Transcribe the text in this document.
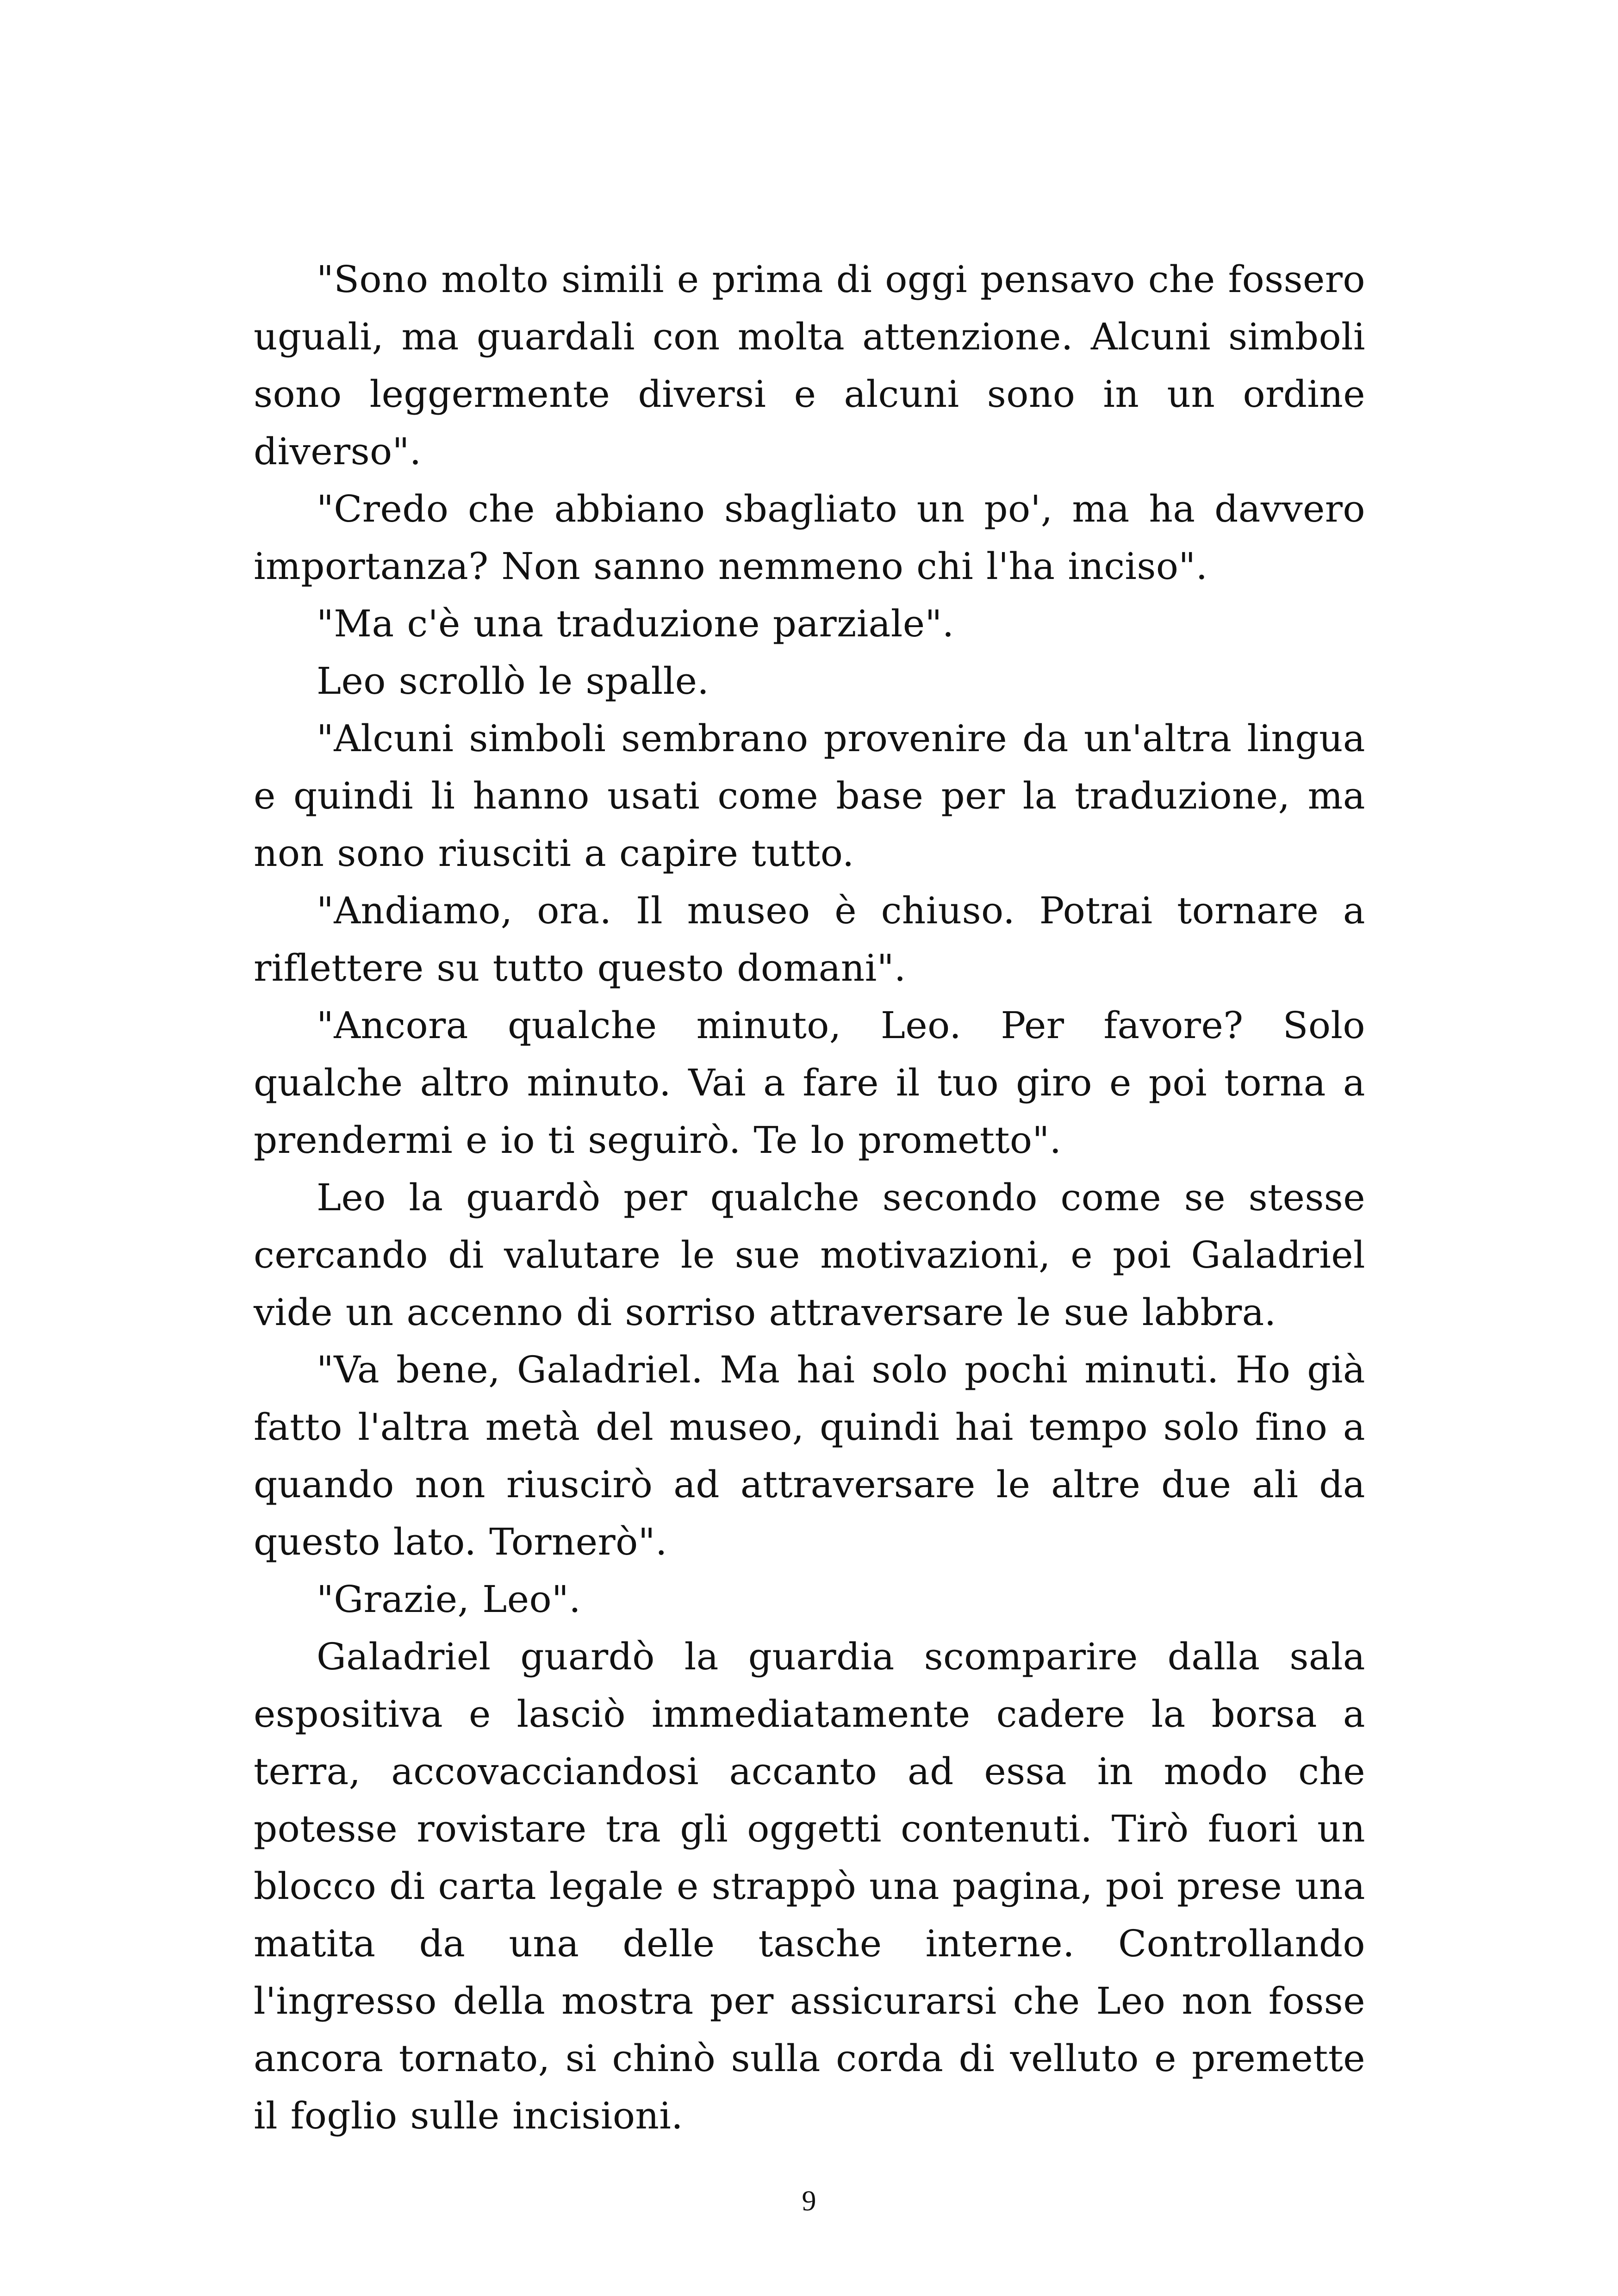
"Sono molto simili e prima di oggi pensavo che fossero uguali, ma guardali con molta attenzione. Alcuni simboli sono leggermente diversi e alcuni sono in un ordine diverso".

"Credo che abbiano sbagliato un po', ma ha davvero importanza? Non sanno nemmeno chi l'ha inciso".

"Ma c'è una traduzione parziale".

Leo scrollò le spalle.

"Alcuni simboli sembrano provenire da un'altra lingua e quindi li hanno usati come base per la traduzione, ma non sono riusciti a capire tutto.

"Andiamo, ora. Il museo è chiuso. Potrai tornare a riflettere su tutto questo domani".

"Ancora qualche minuto, Leo. Per favore? Solo qualche altro minuto. Vai a fare il tuo giro e poi torna a prendermi e io ti seguirò. Te lo prometto".

Leo la guardò per qualche secondo come se stesse cercando di valutare le sue motivazioni, e poi Galadriel vide un accenno di sorriso attraversare le sue labbra.

"Va bene, Galadriel. Ma hai solo pochi minuti. Ho già fatto l'altra metà del museo, quindi hai tempo solo fino a quando non riuscirò ad attraversare le altre due ali da questo lato. Tornerò".

"Grazie, Leo".

Galadriel guardò la guardia scomparire dalla sala espositiva e lasciò immediatamente cadere la borsa a terra, accovacciandosi accanto ad essa in modo che potesse rovistare tra gli oggetti contenuti. Tirò fuori un blocco di carta legale e strappò una pagina, poi prese una matita da una delle tasche interne. Controllando l'ingresso della mostra per assicurarsi che Leo non fosse ancora tornato, si chinò sulla corda di velluto e premette il foglio sulle incisioni.

9
